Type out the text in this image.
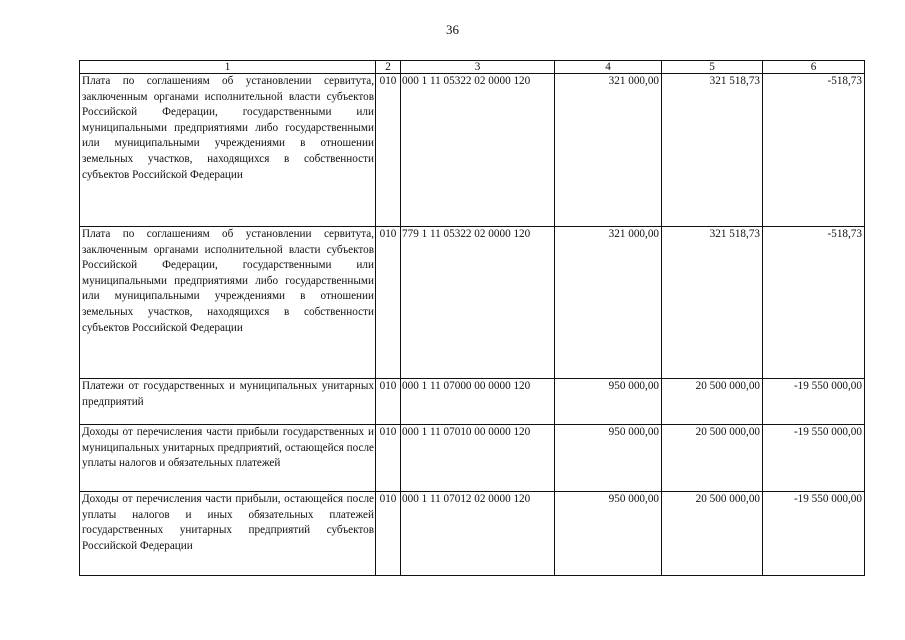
36
1	2	3	4	5	6
Плата по соглашениям об установлении сервитута, заключенным органами исполнительной власти субъектов Российской Федерации, государственными или муниципальными предприятиями либо государственными или муниципальными учреждениями в отношении земельных участков, находящихся в собственности субъектов Российской Федерации	010	000 1 11 05322 02 0000 120	321 000,00	321 518,73	-518,73
Плата по соглашениям об установлении сервитута, заключенным органами исполнительной власти субъектов Российской Федерации, государственными или муниципальными предприятиями либо государственными или муниципальными учреждениями в отношении земельных участков, находящихся в собственности субъектов Российской Федерации	010	779 1 11 05322 02 0000 120	321 000,00	321 518,73	-518,73
Платежи от государственных и муниципальных унитарных предприятий	010	000 1 11 07000 00 0000 120	950 000,00	20 500 000,00	-19 550 000,00
Доходы от перечисления части прибыли государственных и муниципальных унитарных предприятий, остающейся после уплаты налогов и обязательных платежей	010	000 1 11 07010 00 0000 120	950 000,00	20 500 000,00	-19 550 000,00
Доходы от перечисления части прибыли, остающейся после уплаты налогов и иных обязательных платежей государственных унитарных предприятий субъектов Российской Федерации	010	000 1 11 07012 02 0000 120	950 000,00	20 500 000,00	-19 550 000,00
